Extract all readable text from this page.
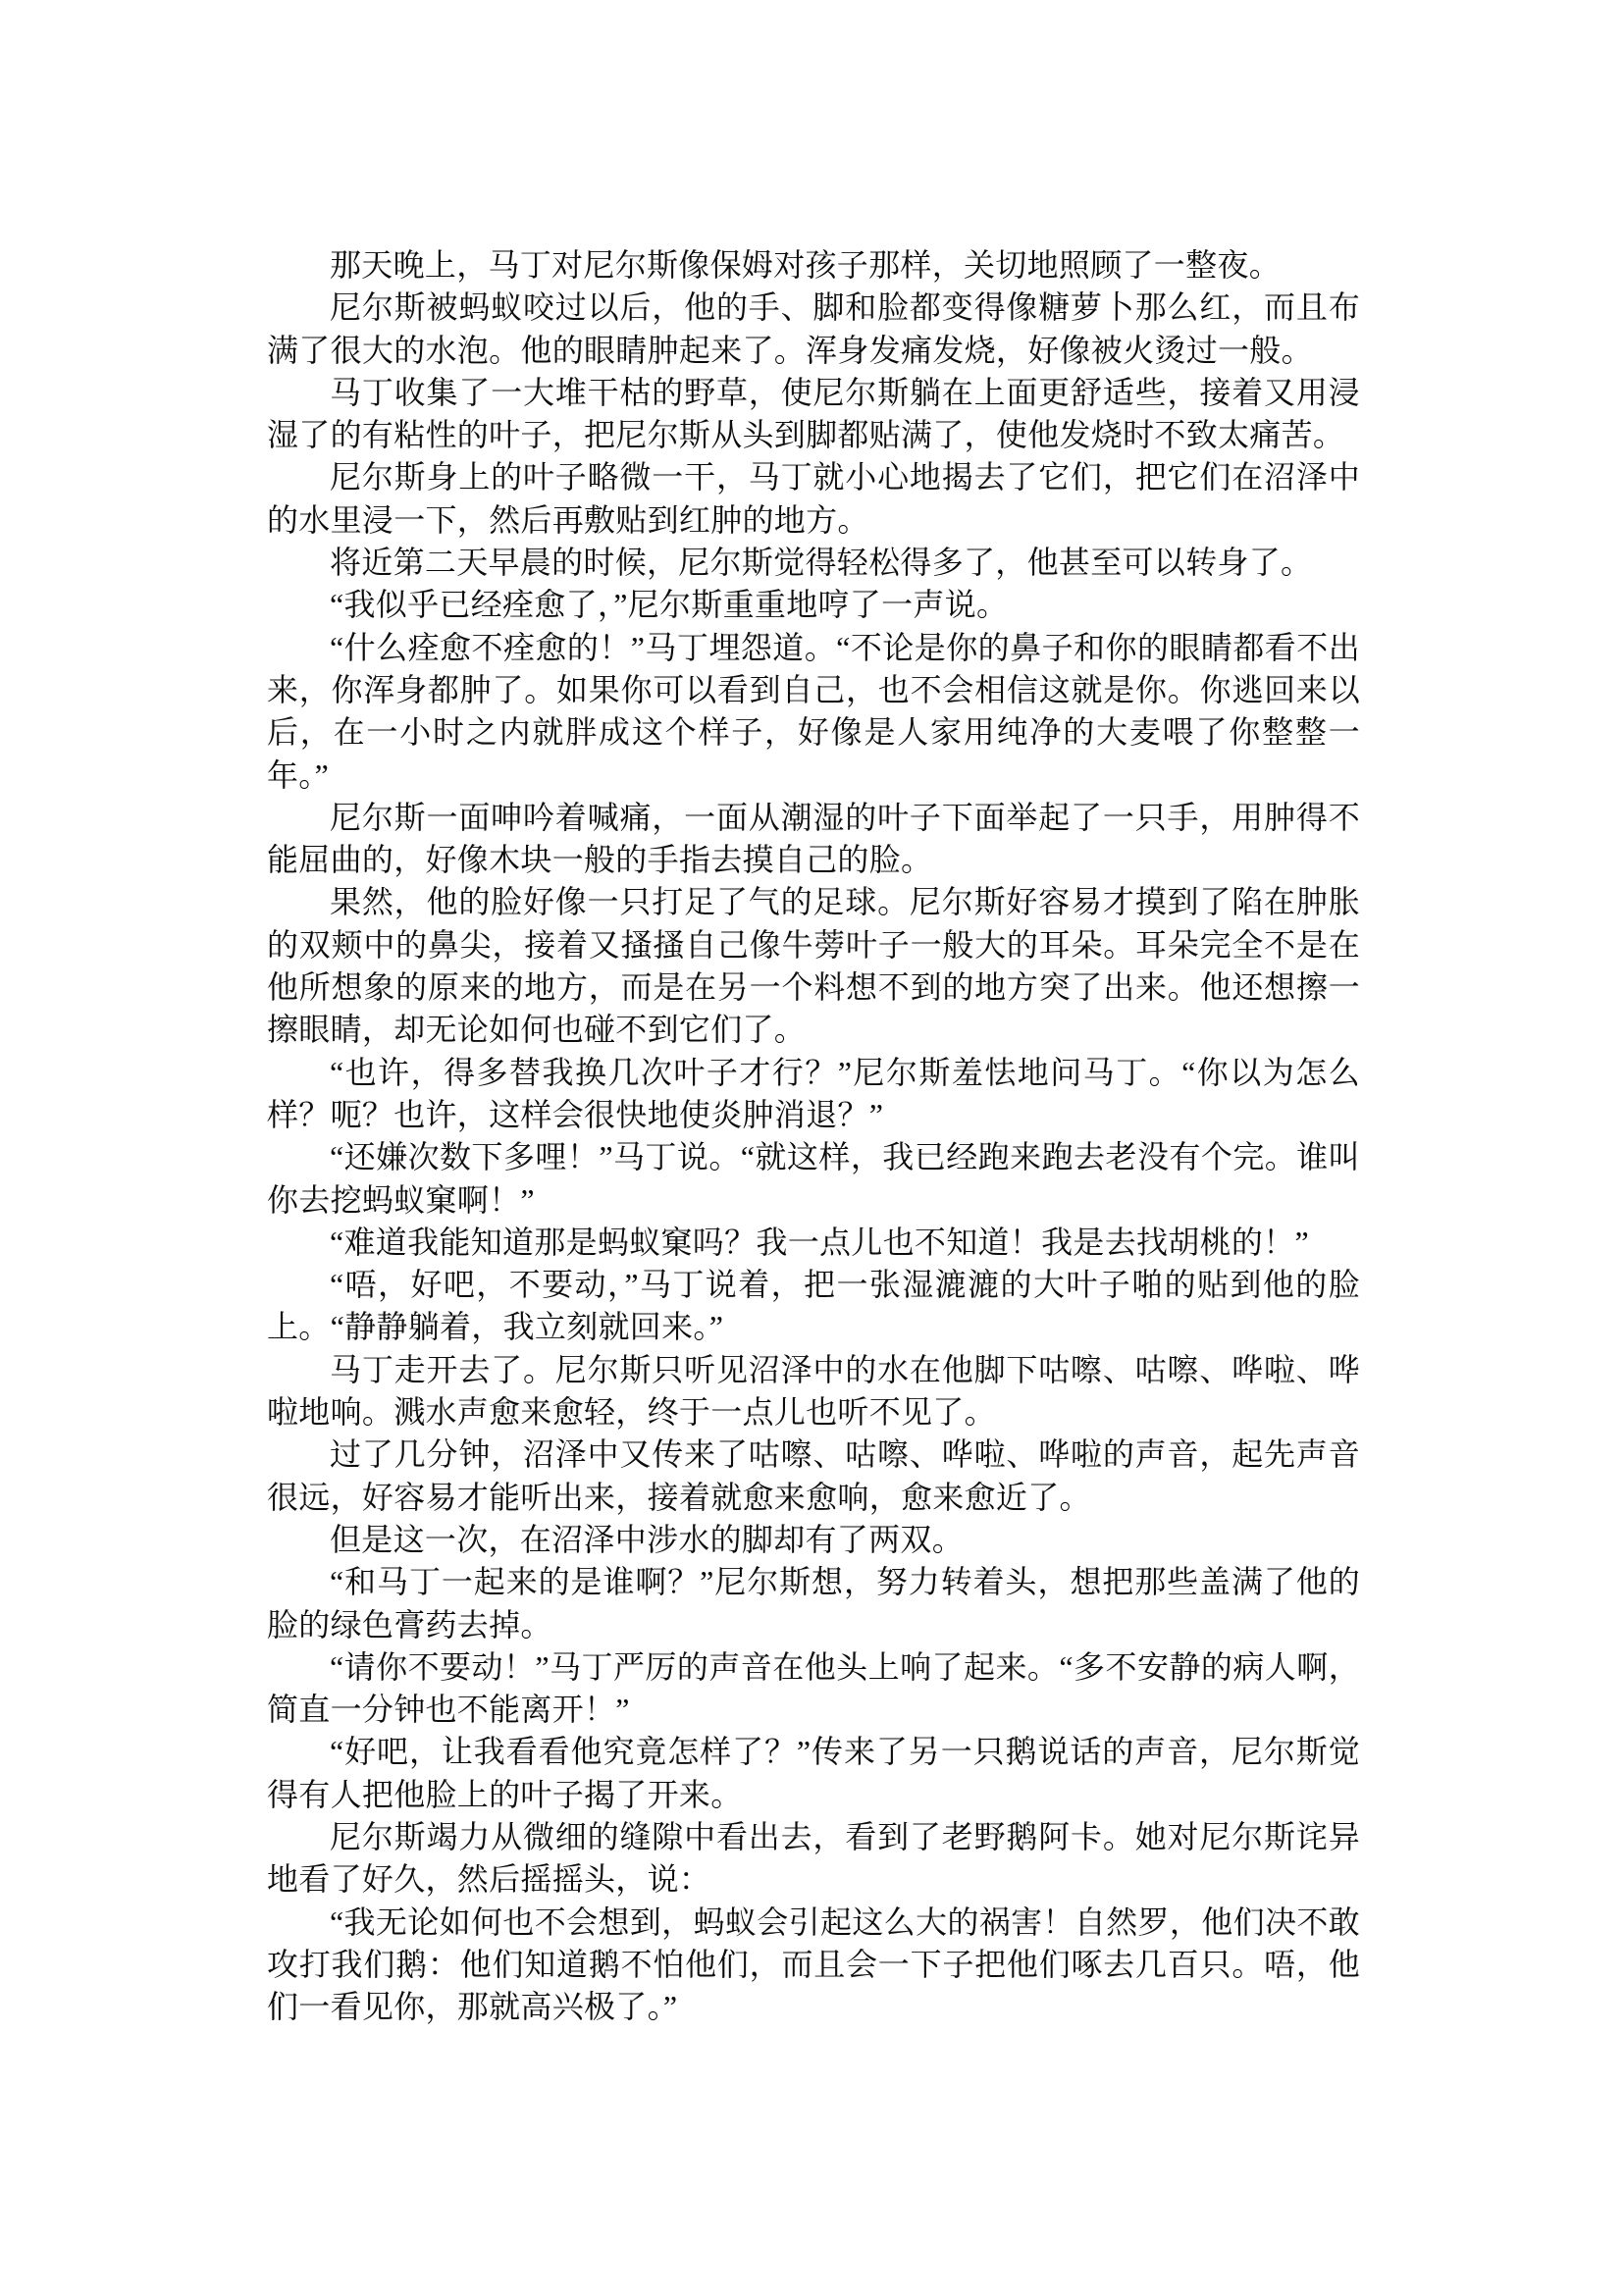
那天晚上，马丁对尼尔斯像保姆对孩子那样，关切地照顾了一整夜。

尼尔斯被蚂蚁咬过以后，他的手、脚和脸都变得像糖萝卜那么红，而且布满了很大的水泡。他的眼睛肿起来了。浑身发痛发烧，好像被火烫过一般。

马丁收集了一大堆干枯的野草，使尼尔斯躺在上面更舒适些，接着又用浸湿了的有粘性的叶子，把尼尔斯从头到脚都贴满了，使他发烧时不致太痛苦。

尼尔斯身上的叶子略微一干，马丁就小心地揭去了它们，把它们在沼泽中的水里浸一下，然后再敷贴到红肿的地方。

将近第二天早晨的时候，尼尔斯觉得轻松得多了，他甚至可以转身了。

“我似乎已经痊愈了，”尼尔斯重重地哼了一声说。

“什么痊愈不痊愈的！”马丁埋怨道。“不论是你的鼻子和你的眼睛都看不出来，你浑身都肿了。如果你可以看到自己，也不会相信这就是你。你逃回来以后，在一小时之内就胖成这个样子，好像是人家用纯净的大麦喂了你整整一年。”

尼尔斯一面呻吟着喊痛，一面从潮湿的叶子下面举起了一只手，用肿得不能屈曲的，好像木块一般的手指去摸自己的脸。

果然，他的脸好像一只打足了气的足球。尼尔斯好容易才摸到了陷在肿胀的双颊中的鼻尖，接着又搔搔自己像牛蒡叶子一般大的耳朵。耳朵完全不是在他所想象的原来的地方，而是在另一个料想不到的地方突了出来。他还想擦一擦眼睛，却无论如何也碰不到它们了。

“也许，得多替我换几次叶子才行？”尼尔斯羞怯地问马丁。“你以为怎么样？呃？也许，这样会很快地使炎肿消退？”

“还嫌次数下多哩！”马丁说。“就这样，我已经跑来跑去老没有个完。谁叫你去挖蚂蚁窠啊！”

“难道我能知道那是蚂蚁窠吗？我一点儿也不知道！我是去找胡桃的！”

“唔，好吧，不要动，”马丁说着，把一张湿漉漉的大叶子啪的贴到他的脸上。“静静躺着，我立刻就回来。”

马丁走开去了。尼尔斯只听见沼泽中的水在他脚下咕嚓、咕嚓、哗啦、哗啦地响。溅水声愈来愈轻，终于一点儿也听不见了。

过了几分钟，沼泽中又传来了咕嚓、咕嚓、哗啦、哗啦的声音，起先声音很远，好容易才能听出来，接着就愈来愈响，愈来愈近了。

但是这一次，在沼泽中涉水的脚却有了两双。

“和马丁一起来的是谁啊？”尼尔斯想，努力转着头，想把那些盖满了他的脸的绿色膏药去掉。

“请你不要动！”马丁严厉的声音在他头上响了起来。“多不安静的病人啊，简直一分钟也不能离开！”

“好吧，让我看看他究竟怎样了？”传来了另一只鹅说话的声音，尼尔斯觉得有人把他脸上的叶子揭了开来。

尼尔斯竭力从微细的缝隙中看出去，看到了老野鹅阿卡。她对尼尔斯诧异地看了好久，然后摇摇头，说：

“我无论如何也不会想到，蚂蚁会引起这么大的祸害！自然罗，他们决不敢攻打我们鹅：他们知道鹅不怕他们，而且会一下子把他们啄去几百只。唔，他们一看见你，那就高兴极了。”
